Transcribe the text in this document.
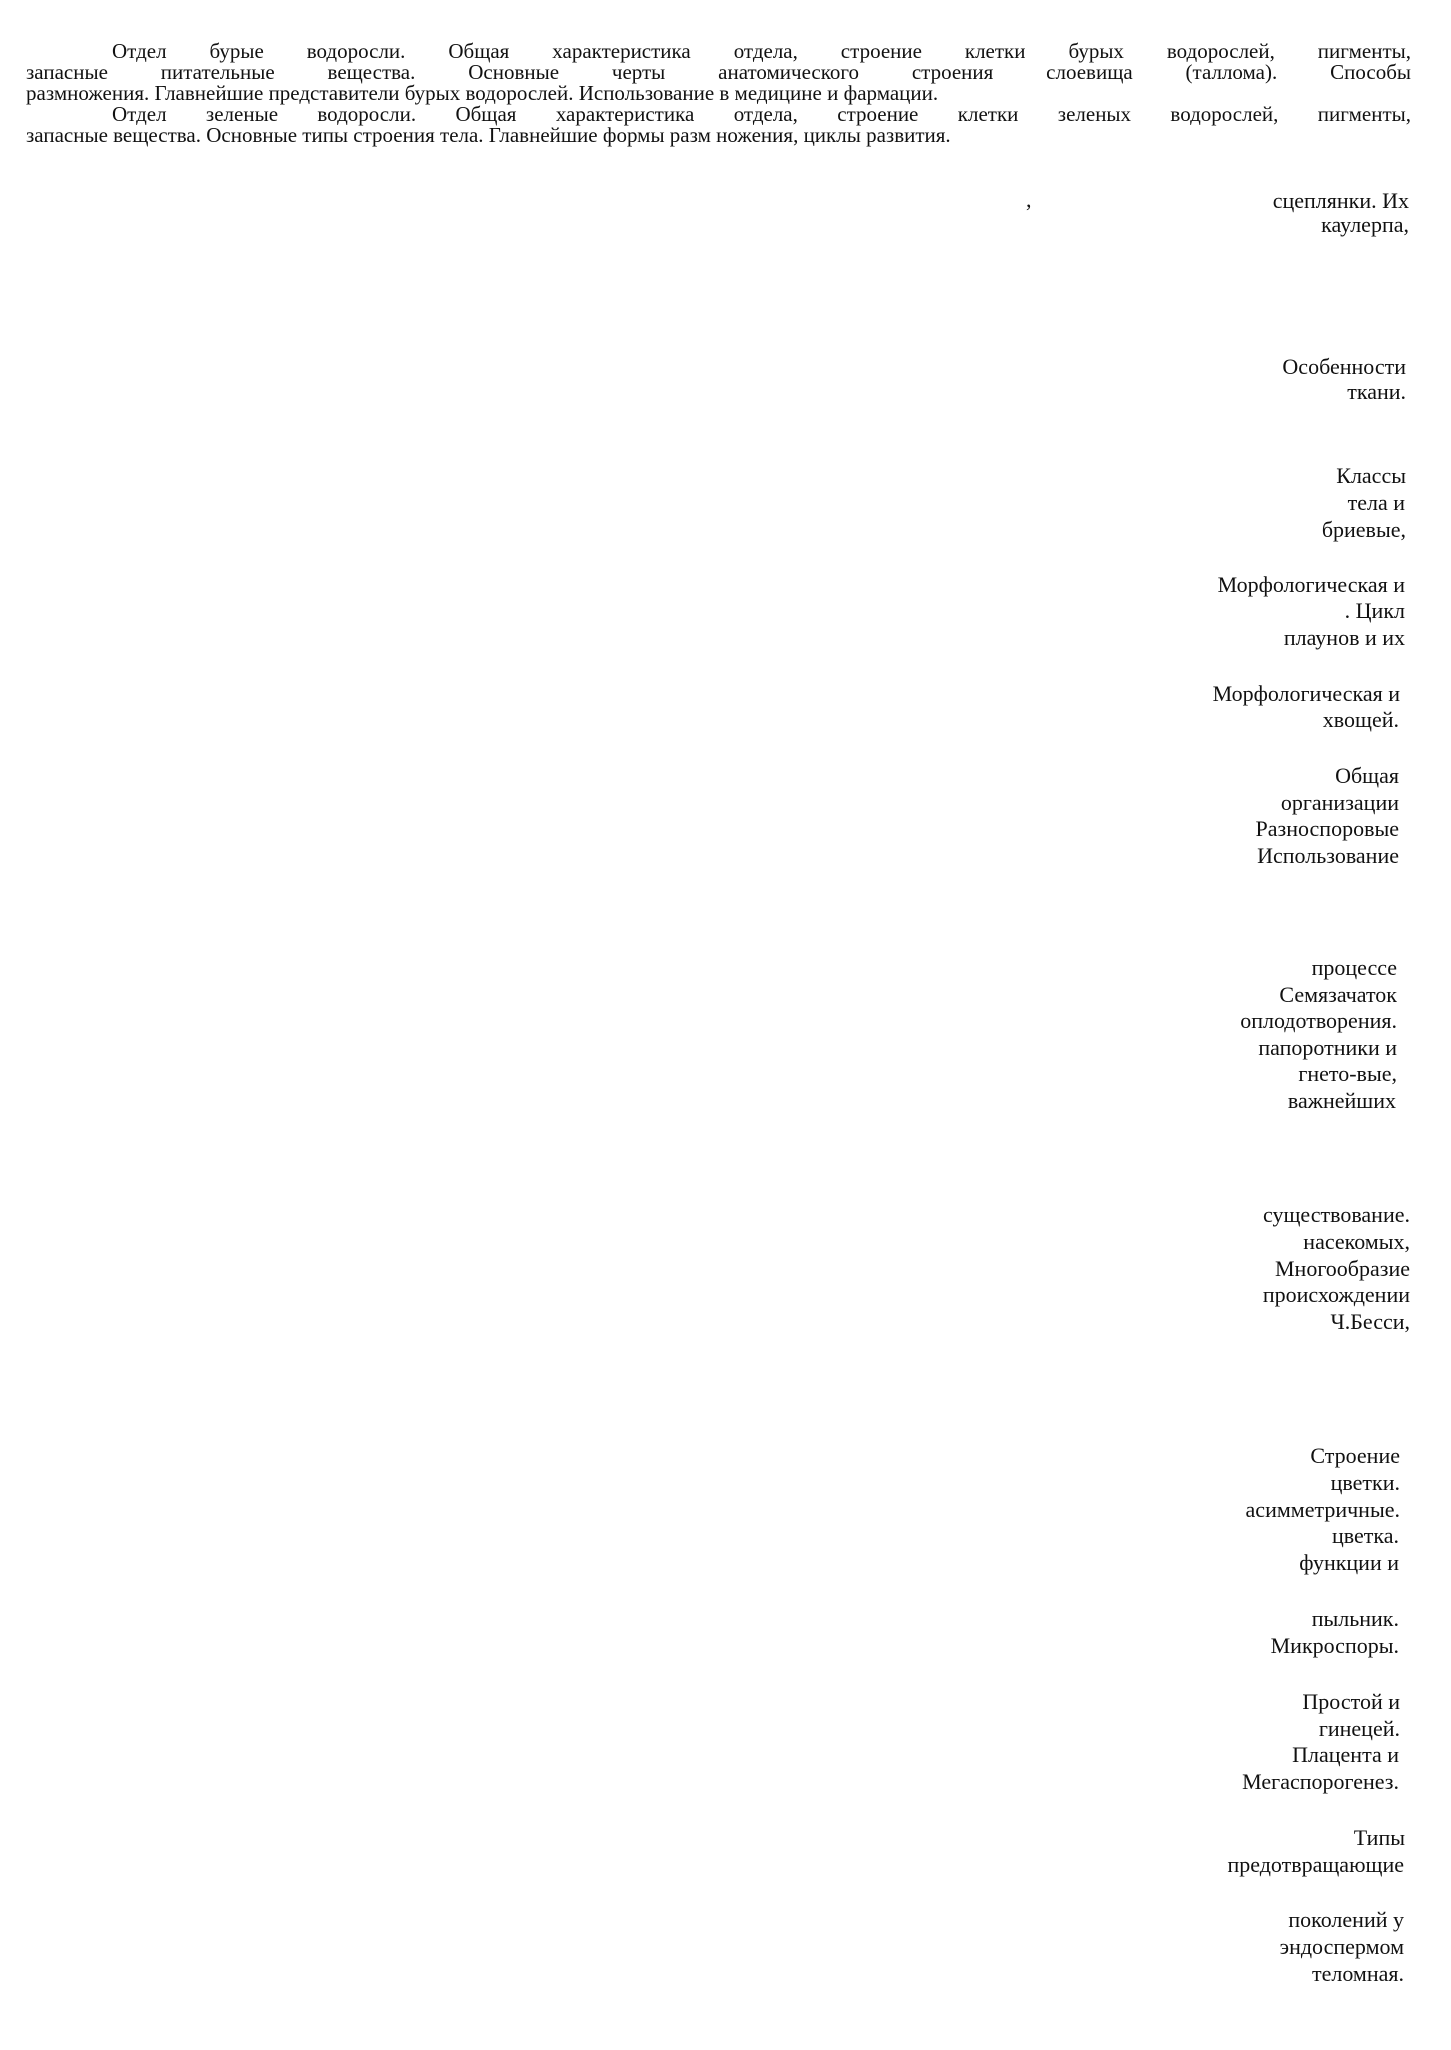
Отдел бурые водоросли. Общая характеристика отдела, строение клетки бурых водорослей, пигменты,
запасные питательные вещества. Основные черты анатомического строения слоевища (таллома). Способы
размножения. Главнейшие представители бурых водорослей. Использование в медицине и фармации.
Отдел зеленые водоросли. Общая характеристика отдела, строение клетки зеленых водорослей, пигменты,
запасные вещества. Основные типы строения тела. Главнейшие формы разм ножения, циклы развития.
,	сцеплянки. Их
каулерпа,
Особенности
ткани.
Классы
тела и
бриевые,
Морфологическая и
. Цикл
плаунов и их
Морфологическая и
хвощей.
Общая
организации
Разноспоровые
Использование
процессе
Семязачаток
оплодотворения.
папоротники и
гнето-вые,
важнейших
существование.
насекомых,
Многообразие
происхождении
Ч.Бесси,
Строение
цветки.
асимметричные.
цветка.
функции и
пыльник.
Микроспоры.
Простой и
гинецей.
Плацента и
Мегаспорогенез.
Типы
предотвращающие
поколений у
эндоспермом
теломная.
